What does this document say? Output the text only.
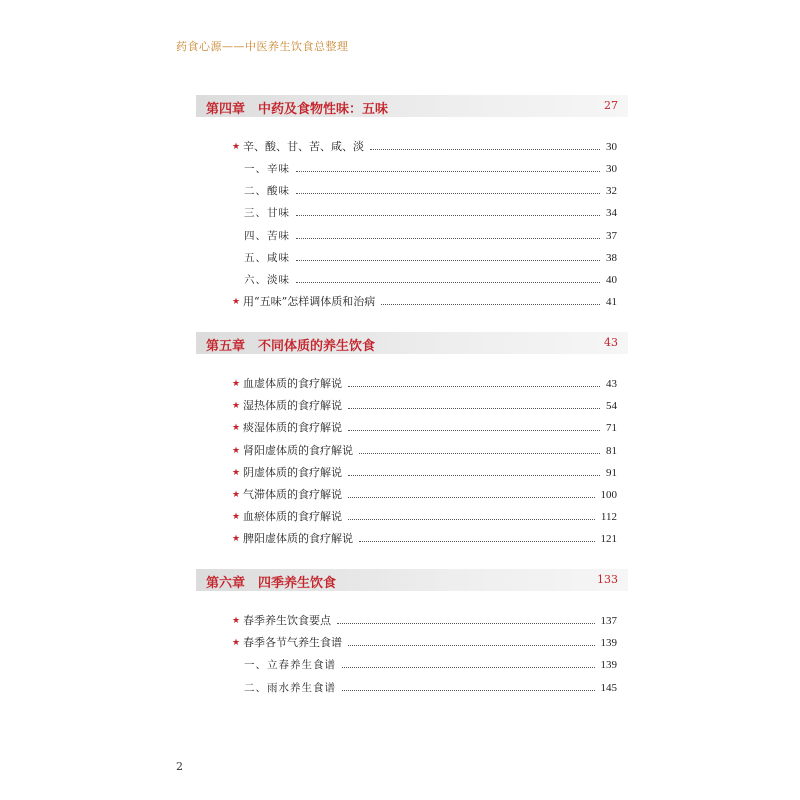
药食心源——中医养生饮食总整理
第四章　中药及食物性味：五味	27
★ 辛、酸、甘、苦、咸、淡	30
一、辛味	30
二、酸味	32
三、甘味	34
四、苦味	37
五、咸味	38
六、淡味	40
★ 用“五味”怎样调体质和治病	41
第五章　不同体质的养生饮食	43
★ 血虚体质的食疗解说	43
★ 湿热体质的食疗解说	54
★ 痰湿体质的食疗解说	71
★ 肾阳虚体质的食疗解说	81
★ 阴虚体质的食疗解说	91
★ 气滞体质的食疗解说	100
★ 血瘀体质的食疗解说	112
★ 脾阳虚体质的食疗解说	121
第六章　四季养生饮食	133
★ 春季养生饮食要点	137
★ 春季各节气养生食谱	139
一、立春养生食谱	139
二、雨水养生食谱	145
2
